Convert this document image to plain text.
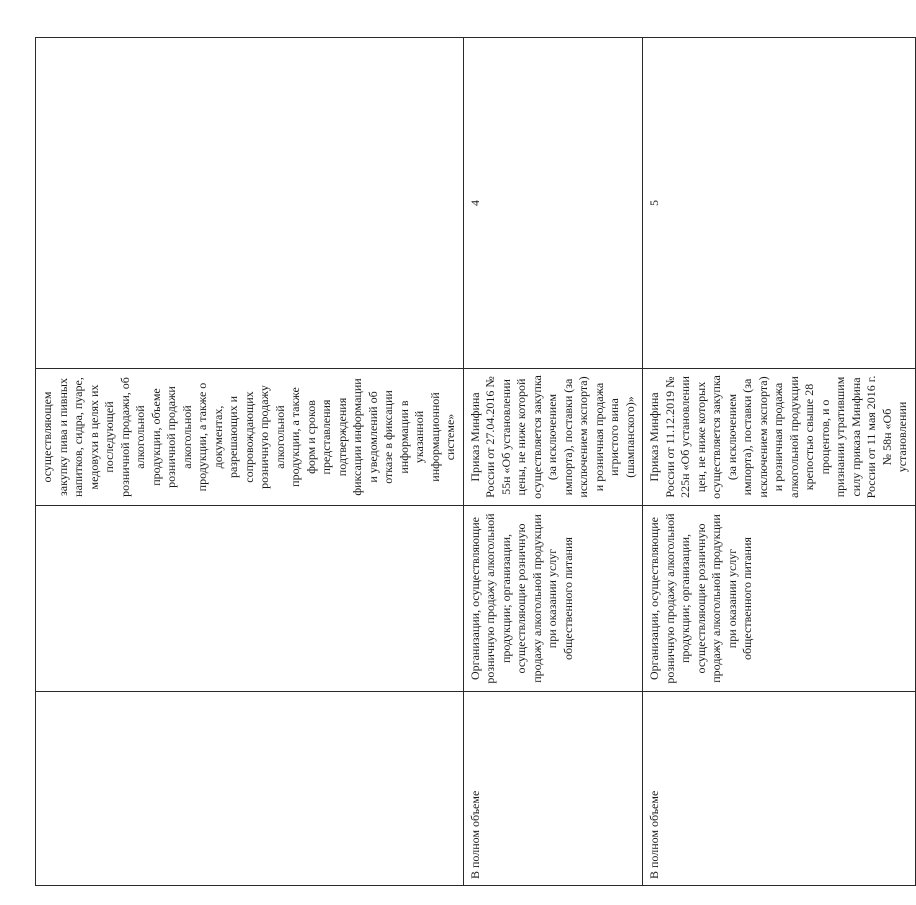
		осуществляющем закупку пива и пивных напитков, сидра, пуаре, медовухи в целях их последующей розничной продажи, об алкогольной продукции, объеме розничной продажи алкогольной продукции, а также о документах, разрешающих и сопровождающих розничную продажу алкогольной продукции, а также форм и сроков представления подтверждения фиксации информации и уведомлений об отказе в фиксации информации в указанной информационной системе»	
В полном объеме	Организации, осуществляющие розничную продажу алкогольной продукции; организации, осуществляющие розничную продажу алкогольной продукции при оказании услуг общественного питания	Приказ Минфина России от 27.04.2016 № 55н «Об установлении цены, не ниже которой осуществляется закупка (за исключением импорта), поставки (за исключением экспорта) и розничная продажа игристого вина (шампанского)»	4
В полном объеме	Организации, осуществляющие розничную продажу алкогольной продукции; организации, осуществляющие розничную продажу алкогольной продукции при оказании услуг общественного питания	Приказ Минфина России от 11.12.2019 № 225н «Об установлении цен, не ниже которых осуществляется закупка (за исключением импорта), поставки (за исключением экспорта) и розничная продажа алкогольной продукции крепостью свыше 28 процентов, и о признании утратившим силу приказа Минфина России от 11 мая 2016 г. № 58н «Об установлении	5
